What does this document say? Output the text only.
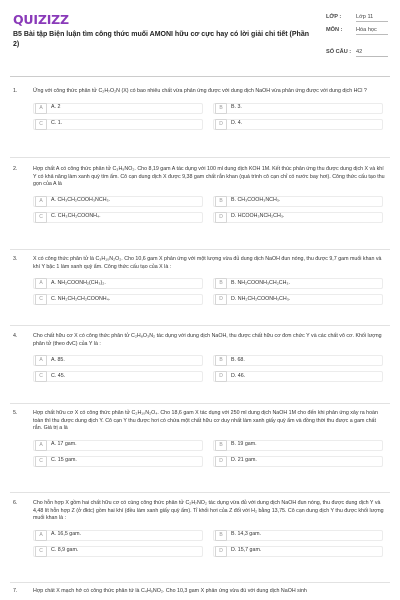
QUIZIZZ
B5 Bài tập Biện luận tìm công thức muối AMONI hữu cơ cực hay có lời giải chi tiết (Phần 2)
LỚP :	Lớp 11
MÔN :	Hóa học
SỐ CÂU : 42
1.	Ứng với công thức phân tử C₂H₇O₂N (X) có bao nhiêu chất vừa phản ứng được với dung dịch NaOH vừa phản ứng được với dung dịch HCl ?
A	A. 2	B	B. 3.
C	C. 1.	D	D. 4.
2.	Hợp chất A có công thức phân tử C₃H₉NO₂. Cho 8,19 gam A tác dụng với 100 ml dung dịch KOH 1M. Kết thúc phản ứng thu được dung dịch X và khí Y có khả năng làm xanh quỳ tím ẩm. Cô cạn dung dịch X được 9,38 gam chất rắn khan (quá trình cô cạn chỉ có nước bay hơi). Công thức cấu tạo thu gọn của A là
A	A. CH₃CH₂COOH₃NCH₃.	B	B. CH₃COOH₃NCH₃.
C	C. CH₃CH₂COONH₄.	D	D. HCOOH₃NCH₂CH₃.
3.	X có công thức phân tử là C₃H₁₀N₂O₂. Cho 10,6 gam X phản ứng với một lượng vừa đủ dung dịch NaOH đun nóng, thu được 9,7 gam muối khan và khí Y bậc 1 làm xanh quỳ ẩm. Công thức cấu tạo của X là :
A	A. NH₂COONH₂(CH₃)₂.	B	B. NH₂COONH₃CH₂CH₃.
C	C. NH₂CH₂CH₂COONH₄.	D	D. NH₂CH₂COONH₃CH₃.
4.	Cho chất hữu cơ X có công thức phân tử C₂H₈O₃N₂ tác dụng với dung dịch NaOH, thu được chất hữu cơ đơn chức Y và các chất vô cơ. Khối lượng phân tử (theo đvC) của Y là :
A	A. 85.	B	B. 68.
C	C. 45.	D	D. 46.
5.	Hợp chất hữu cơ X có công thức phân tử C₂H₁₀N₂O₄. Cho 18,6 gam X tác dụng với 250 ml dung dịch NaOH 1M cho đến khi phản ứng xảy ra hoàn toàn thì thu được dung dịch Y. Cô cạn Y thu được hơi có chứa một chất hữu cơ duy nhất làm xanh giấy quỳ ẩm và đồng thời thu được a gam chất rắn. Giá trị a là
A	A. 17 gam.	B	B. 19 gam.
C	C. 15 gam.	D	D. 21 gam.
6.	Cho hỗn hợp X gồm hai chất hữu cơ có cùng công thức phân tử C₂H₇NO₂ tác dụng vừa đủ với dung dịch NaOH đun nóng, thu được dung dịch Y và 4,48 lít hỗn hợp Z (ở đktc) gồm hai khí (đều làm xanh giấy quỳ ẩm). Tỉ khối hơi của Z đối với H₂ bằng 13,75. Cô cạn dung dịch Y thu được khối lượng muối khan là :
A	A. 16,5 gam.	B	B. 14,3 gam.
C	C. 8,9 gam.	D	D. 15,7 gam.
7.	Hợp chất X mạch hở có công thức phân tử là C₄H₉NO₂. Cho 10,3 gam X phản ứng vừa đủ với dung dịch NaOH sinh
